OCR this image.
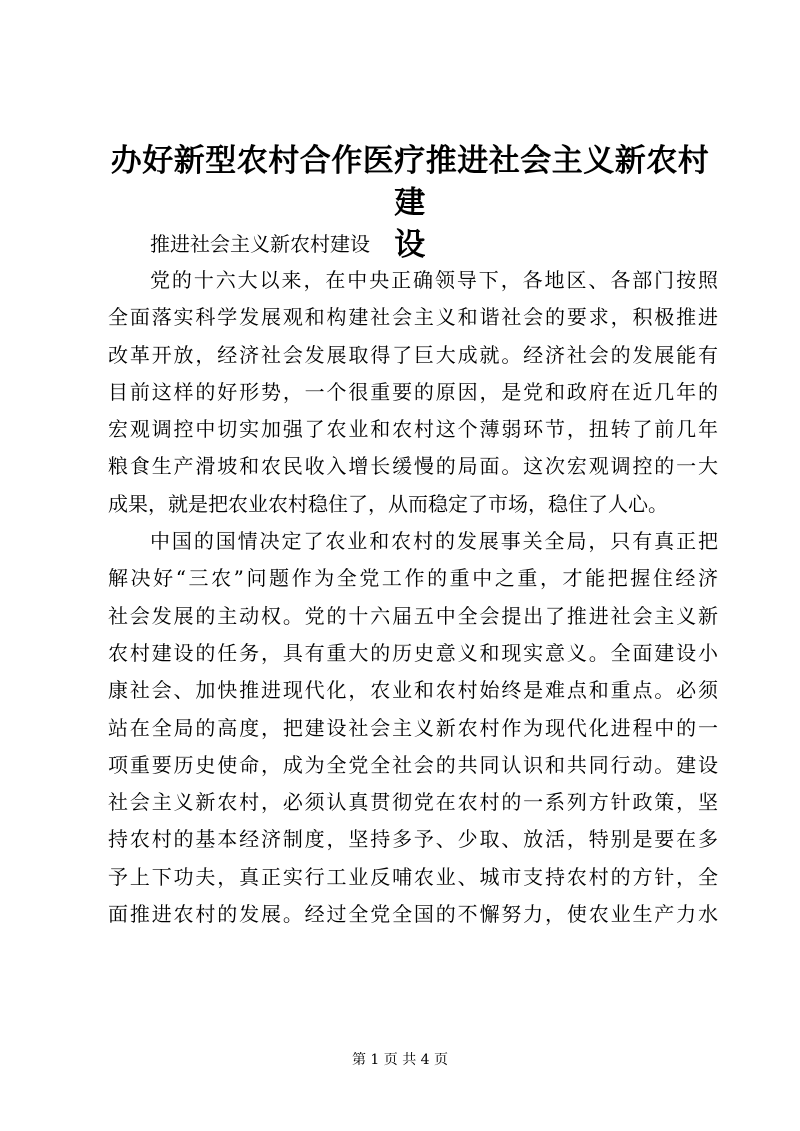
办好新型农村合作医疗推进社会主义新农村建
设

推进社会主义新农村建设

党的十六大以来，在中央正确领导下，各地区、各部门按照
全面落实科学发展观和构建社会主义和谐社会的要求，积极推进
改革开放，经济社会发展取得了巨大成就。经济社会的发展能有
目前这样的好形势，一个很重要的原因，是党和政府在近几年的
宏观调控中切实加强了农业和农村这个薄弱环节，扭转了前几年
粮食生产滑坡和农民收入增长缓慢的局面。这次宏观调控的一大
成果，就是把农业农村稳住了，从而稳定了市场，稳住了人心。
中国的国情决定了农业和农村的发展事关全局，只有真正把
解决好“三农”问题作为全党工作的重中之重，才能把握住经济
社会发展的主动权。党的十六届五中全会提出了推进社会主义新
农村建设的任务，具有重大的历史意义和现实意义。全面建设小
康社会、加快推进现代化，农业和农村始终是难点和重点。必须
站在全局的高度，把建设社会主义新农村作为现代化进程中的一
项重要历史使命，成为全党全社会的共同认识和共同行动。建设
社会主义新农村，必须认真贯彻党在农村的一系列方针政策，坚
持农村的基本经济制度，坚持多予、少取、放活，特别是要在多
予上下功夫，真正实行工业反哺农业、城市支持农村的方针，全
面推进农村的发展。经过全党全国的不懈努力，使农业生产力水
第 1 页 共 4 页
